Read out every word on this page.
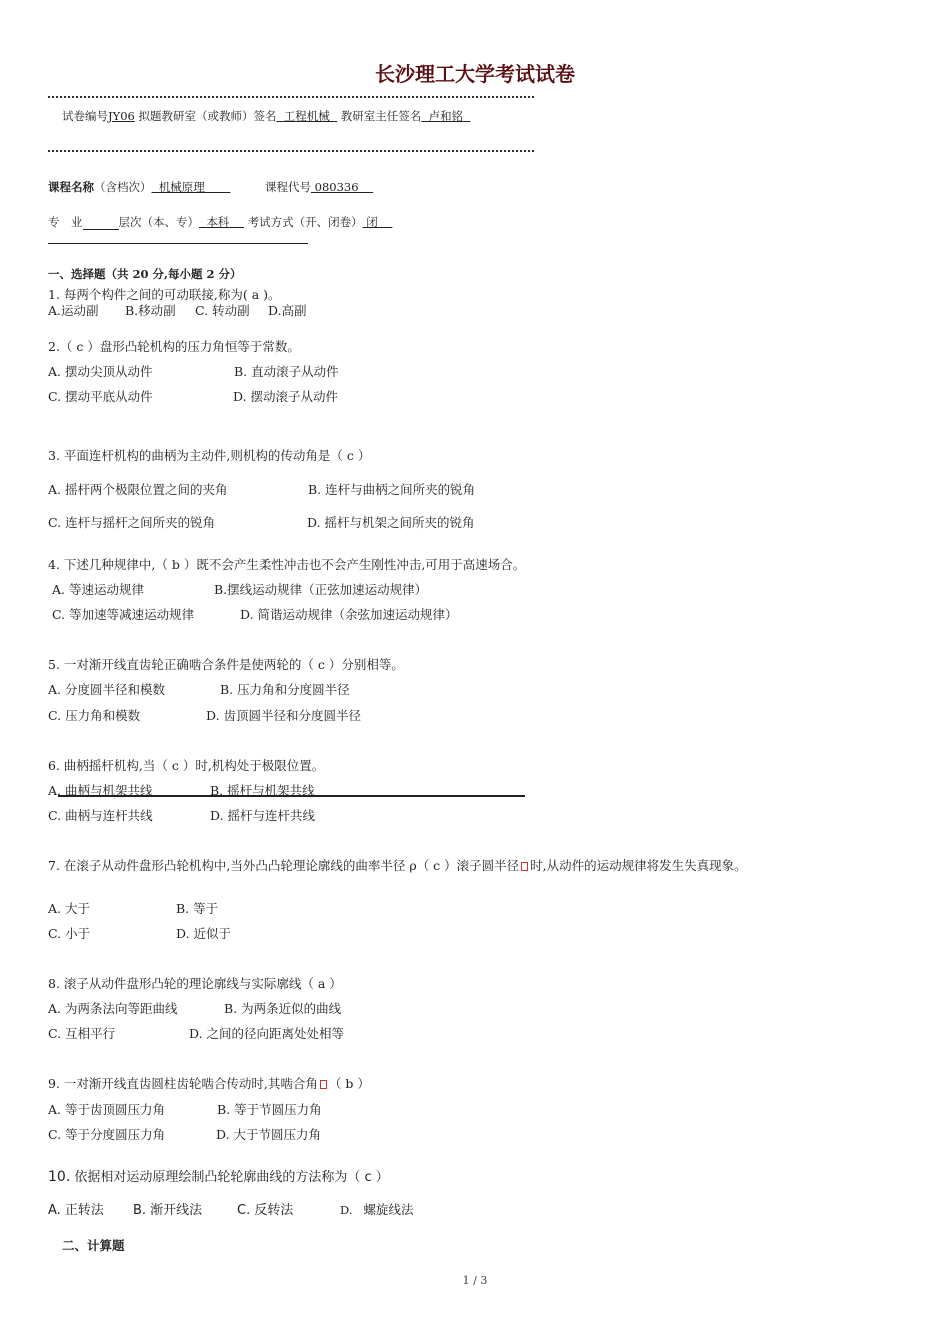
长沙理工大学考试试卷
试卷编号JY06 拟题教研室（或教师）签名 工程机械 教研室主任签名 卢和铭
课程名称（含档次） 机械原理	课程代号 080336
专　业	层次（本、专） 本科 考试方式（开、闭卷） 闭
一、选择题（共 20 分,每小题 2 分）
1. 每两个构件之间的可动联接,称为( a )。
A.运动副 B.移动副 C. 转动副 D.高副
2.（ c ）盘形凸轮机构的压力角恒等于常数。
A. 摆动尖顶从动件	B. 直动滚子从动件
C. 摆动平底从动件	D. 摆动滚子从动件
3. 平面连杆机构的曲柄为主动件,则机构的传动角是（ c ）
A. 摇杆两个极限位置之间的夹角	B. 连杆与曲柄之间所夹的锐角
C. 连杆与摇杆之间所夹的锐角	D. 摇杆与机架之间所夹的锐角
4. 下述几种规律中,（ b ）既不会产生柔性冲击也不会产生刚性冲击,可用于高速场合。
A. 等速运动规律	B.摆线运动规律（正弦加速运动规律）
C. 等加速等减速运动规律	D. 简谐运动规律（余弦加速运动规律）
5. 一对渐开线直齿轮正确啮合条件是使两轮的（ c ）分别相等。
A. 分度圆半径和模数	B. 压力角和分度圆半径
C. 压力角和模数	D. 齿顶圆半径和分度圆半径
6. 曲柄摇杆机构,当（ c ）时,机构处于极限位置。
A. 曲柄与机架共线	B. 摇杆与机架共线
C. 曲柄与连杆共线	D. 摇杆与连杆共线
7. 在滚子从动件盘形凸轮机构中,当外凸凸轮理论廓线的曲率半径 ρ（ c ）滚子圆半径 时,从动件的运动规律将发生失真现象。
A. 大于	B. 等于
C. 小于	D. 近似于
8. 滚子从动件盘形凸轮的理论廓线与实际廓线（ a ）
A. 为两条法向等距曲线	B. 为两条近似的曲线
C. 互相平行	D. 之间的径向距离处处相等
9. 一对渐开线直齿圆柱齿轮啮合传动时,其啮合角 （ b ）
A. 等于齿顶圆压力角	B. 等于节圆压力角
C. 等于分度圆压力角	D. 大于节圆压力角
10. 依据相对运动原理绘制凸轮轮廓曲线的方法称为（ c ）
A. 正转法 B. 渐开线法	C. 反转法	D. 螺旋线法
二、计算题
1 / 3
